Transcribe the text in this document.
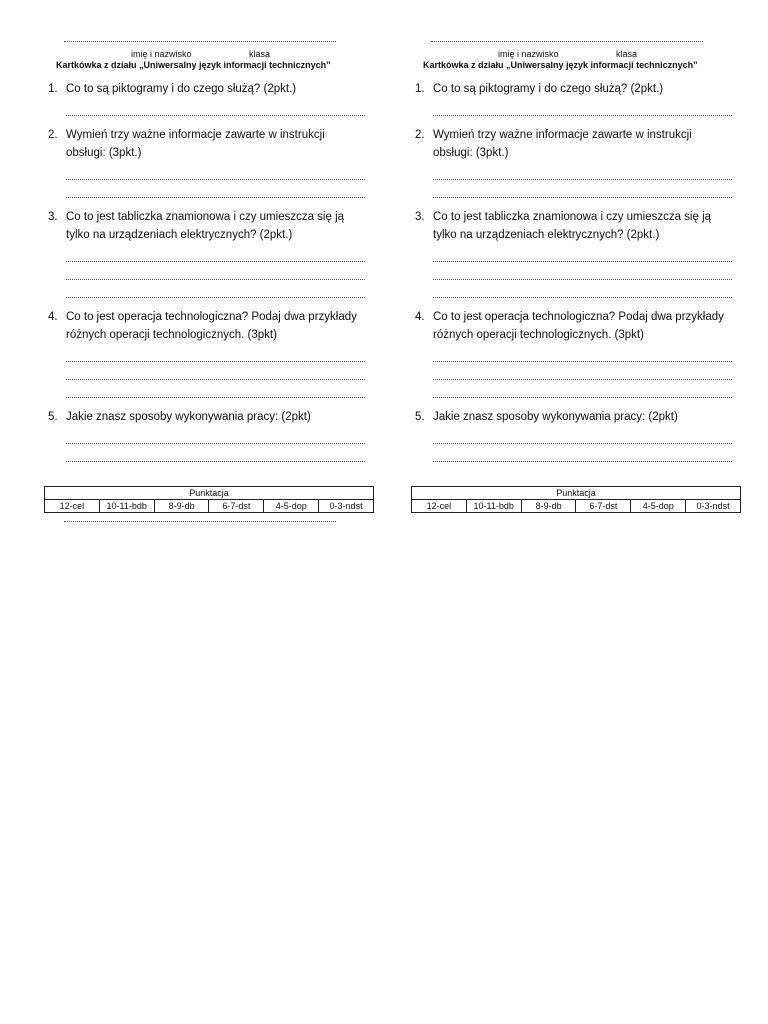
imię i nazwisko	klasa
Kartkówka z działu „Uniwersalny język informacji technicznych”
1. Co to są piktogramy i do czego służą? (2pkt.)
2. Wymień trzy ważne informacje zawarte w instrukcji obsługi: (3pkt.)
3. Co to jest tabliczka znamionowa i czy umieszcza się ją tylko na urządzeniach elektrycznych? (2pkt.)
4. Co to jest operacja technologiczna? Podaj dwa przykłady różnych operacji technologicznych. (3pkt)
5. Jakie znasz sposoby wykonywania pracy: (2pkt)
Punktacja
12-cel	10-11-bdb	8-9-db	6-7-dst	4-5-dop	0-3-ndst
imię i nazwisko	klasa
Kartkówka z działu „Uniwersalny język informacji technicznych”
1. Co to są piktogramy i do czego służą? (2pkt.)
2. Wymień trzy ważne informacje zawarte w instrukcji obsługi: (3pkt.)
3. Co to jest tabliczka znamionowa i czy umieszcza się ją tylko na urządzeniach elektrycznych? (2pkt.)
4. Co to jest operacja technologiczna? Podaj dwa przykłady różnych operacji technologicznych. (3pkt)
5. Jakie znasz sposoby wykonywania pracy: (2pkt)
Punktacja
12-cel	10-11-bdb	8-9-db	6-7-dst	4-5-dop	0-3-ndst
